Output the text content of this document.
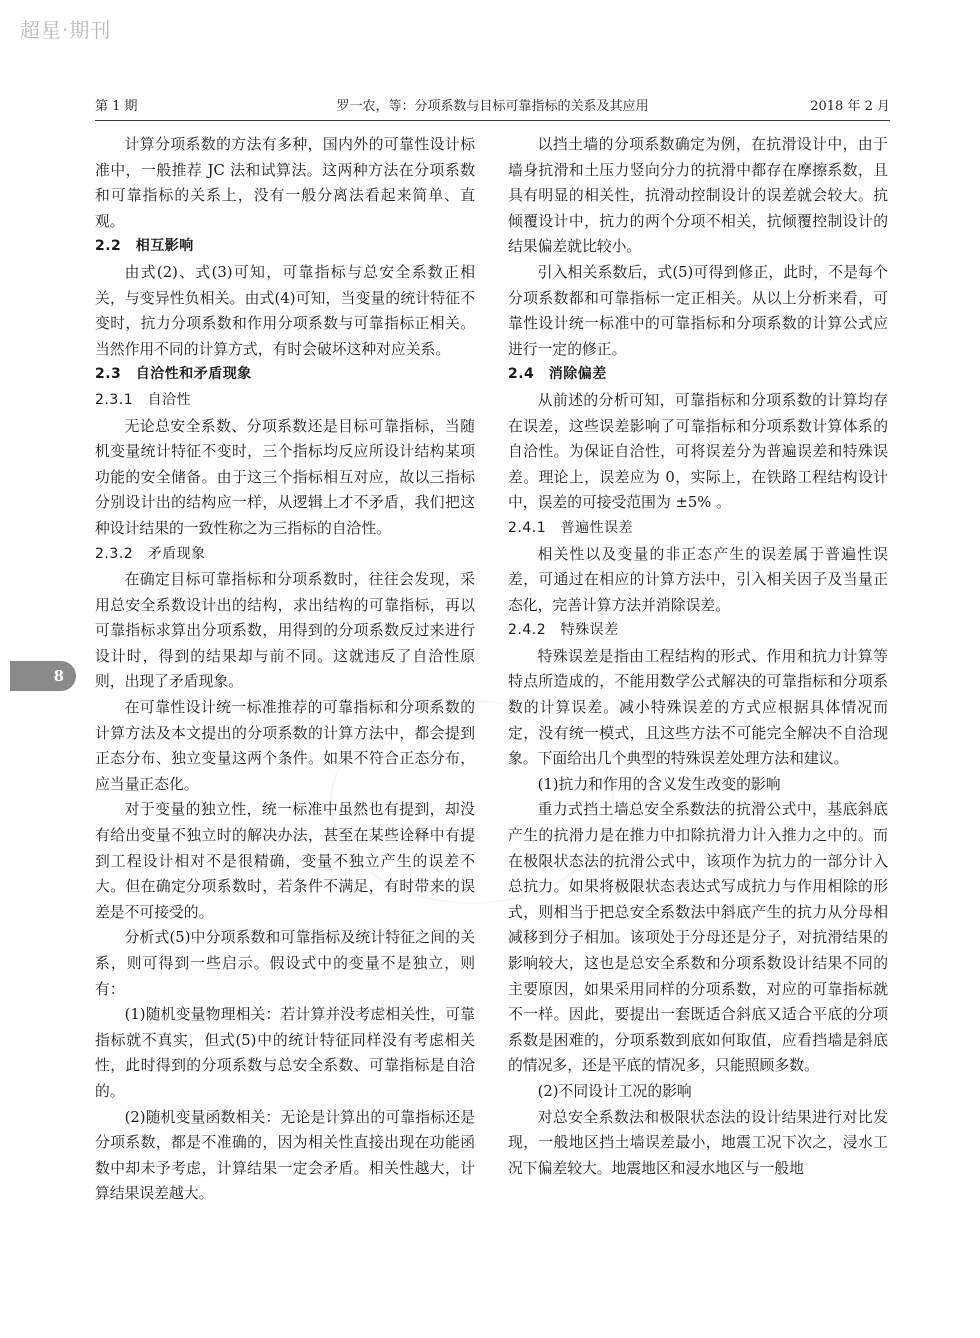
超星·期刊
第 1 期	罗一农，等：分项系数与目标可靠指标的关系及其应用	2018 年 2 月
8

计算分项系数的方法有多种，国内外的可靠性设计标准中，一般推荐 JC 法和试算法。这两种方法在分项系数和可靠指标的关系上，没有一般分离法看起来简单、直观。

2.2　相互影响

由式(2)、式(3)可知，可靠指标与总安全系数正相关，与变异性负相关。由式(4)可知，当变量的统计特征不变时，抗力分项系数和作用分项系数与可靠指标正相关。当然作用不同的计算方式，有时会破坏这种对应关系。

2.3　自洽性和矛盾现象

2.3.1　自洽性

无论总安全系数、分项系数还是目标可靠指标，当随机变量统计特征不变时，三个指标均反应所设计结构某项功能的安全储备。由于这三个指标相互对应，故以三指标分别设计出的结构应一样，从逻辑上才不矛盾，我们把这种设计结果的一致性称之为三指标的自洽性。

2.3.2　矛盾现象

在确定目标可靠指标和分项系数时，往往会发现，采用总安全系数设计出的结构，求出结构的可靠指标，再以可靠指标求算出分项系数，用得到的分项系数反过来进行设计时，得到的结果却与前不同。这就违反了自洽性原则，出现了矛盾现象。

在可靠性设计统一标准推荐的可靠指标和分项系数的计算方法及本文提出的分项系数的计算方法中，都会提到正态分布、独立变量这两个条件。如果不符合正态分布，应当量正态化。

对于变量的独立性，统一标准中虽然也有提到，却没有给出变量不独立时的解决办法，甚至在某些诠释中有提到工程设计相对不是很精确，变量不独立产生的误差不大。但在确定分项系数时，若条件不满足，有时带来的误差是不可接受的。

分析式(5)中分项系数和可靠指标及统计特征之间的关系，则可得到一些启示。假设式中的变量不是独立，则有：

(1)随机变量物理相关：若计算并没考虑相关性，可靠指标就不真实，但式(5)中的统计特征同样没有考虑相关性，此时得到的分项系数与总安全系数、可靠指标是自洽的。

(2)随机变量函数相关：无论是计算出的可靠指标还是分项系数，都是不准确的，因为相关性直接出现在功能函数中却未予考虑，计算结果一定会矛盾。相关性越大，计算结果误差越大。

以挡土墙的分项系数确定为例，在抗滑设计中，由于墙身抗滑和土压力竖向分力的抗滑中都存在摩擦系数，且具有明显的相关性，抗滑动控制设计的误差就会较大。抗倾覆设计中，抗力的两个分项不相关，抗倾覆控制设计的结果偏差就比较小。

引入相关系数后，式(5)可得到修正，此时，不是每个分项系数都和可靠指标一定正相关。从以上分析来看，可靠性设计统一标准中的可靠指标和分项系数的计算公式应进行一定的修正。

2.4　消除偏差

从前述的分析可知，可靠指标和分项系数的计算均存在误差，这些误差影响了可靠指标和分项系数计算体系的自洽性。为保证自洽性，可将误差分为普遍误差和特殊误差。理论上，误差应为 0，实际上，在铁路工程结构设计中，误差的可接受范围为 ±5% 。

2.4.1　普遍性误差

相关性以及变量的非正态产生的误差属于普遍性误差，可通过在相应的计算方法中，引入相关因子及当量正态化，完善计算方法并消除误差。

2.4.2　特殊误差

特殊误差是指由工程结构的形式、作用和抗力计算等特点所造成的，不能用数学公式解决的可靠指标和分项系数的计算误差。减小特殊误差的方式应根据具体情况而定，没有统一模式，且这些方法不可能完全解决不自洽现象。下面给出几个典型的特殊误差处理方法和建议。

(1)抗力和作用的含义发生改变的影响

重力式挡土墙总安全系数法的抗滑公式中，基底斜底产生的抗滑力是在推力中扣除抗滑力计入推力之中的。而在极限状态法的抗滑公式中，该项作为抗力的一部分计入总抗力。如果将极限状态表达式写成抗力与作用相除的形式，则相当于把总安全系数法中斜底产生的抗力从分母相减移到分子相加。该项处于分母还是分子，对抗滑结果的影响较大，这也是总安全系数和分项系数设计结果不同的主要原因，如果采用同样的分项系数，对应的可靠指标就不一样。因此，要提出一套既适合斜底又适合平底的分项系数是困难的，分项系数到底如何取值，应看挡墙是斜底的情况多，还是平底的情况多，只能照顾多数。

(2)不同设计工况的影响

对总安全系数法和极限状态法的设计结果进行对比发现，一般地区挡土墙误差最小，地震工况下次之，浸水工况下偏差较大。地震地区和浸水地区与一般地
